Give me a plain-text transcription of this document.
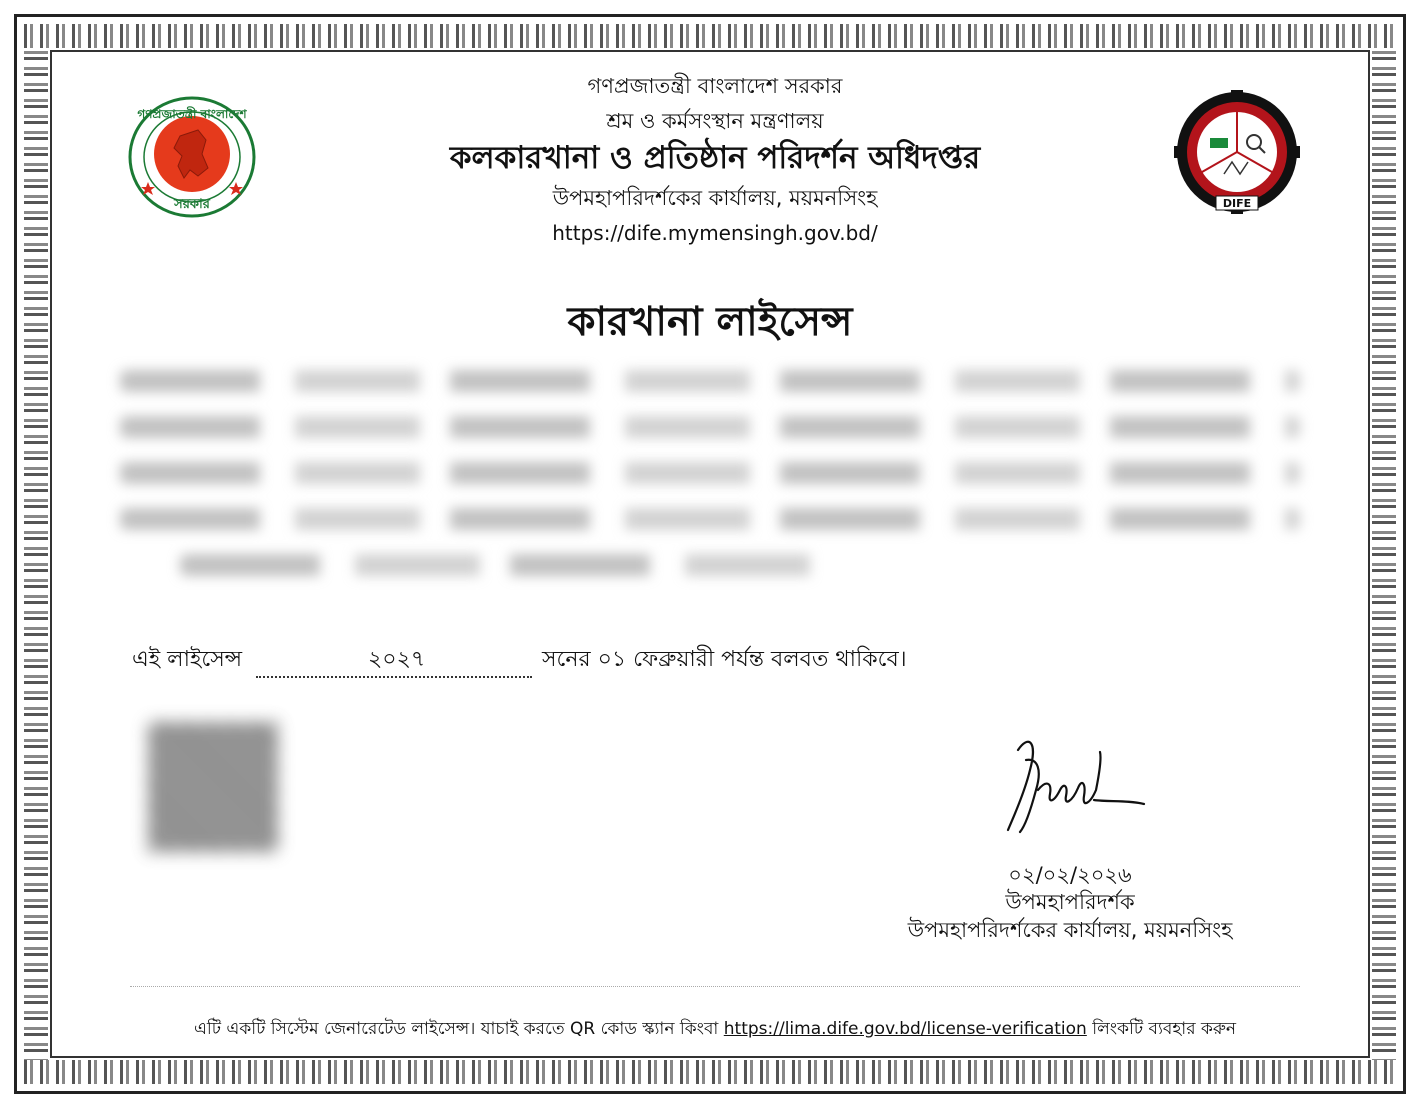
গণপ্রজাতন্ত্রী বাংলাদেশ
সরকার	DIFE
গণপ্রজাতন্ত্রী বাংলাদেশ সরকার
শ্রম ও কর্মসংস্থান মন্ত্রণালয়
কলকারখানা ও প্রতিষ্ঠান পরিদর্শন অধিদপ্তর
উপমহাপরিদর্শকের কার্যালয়, ময়মনসিংহ
https://dife.mymensingh.gov.bd/
কারখানা লাইসেন্স
এই লাইসেন্স	২০২৭	সনের ০১ ফেব্রুয়ারী পর্যন্ত বলবত থাকিবে।
০২/০২/২০২৬
উপমহাপরিদর্শক
উপমহাপরিদর্শকের কার্যালয়, ময়মনসিংহ
এটি একটি সিস্টেম জেনারেটেড লাইসেন্স। যাচাই করতে QR কোড স্ক্যান কিংবা https://lima.dife.gov.bd/license-verification লিংকটি ব্যবহার করুন
